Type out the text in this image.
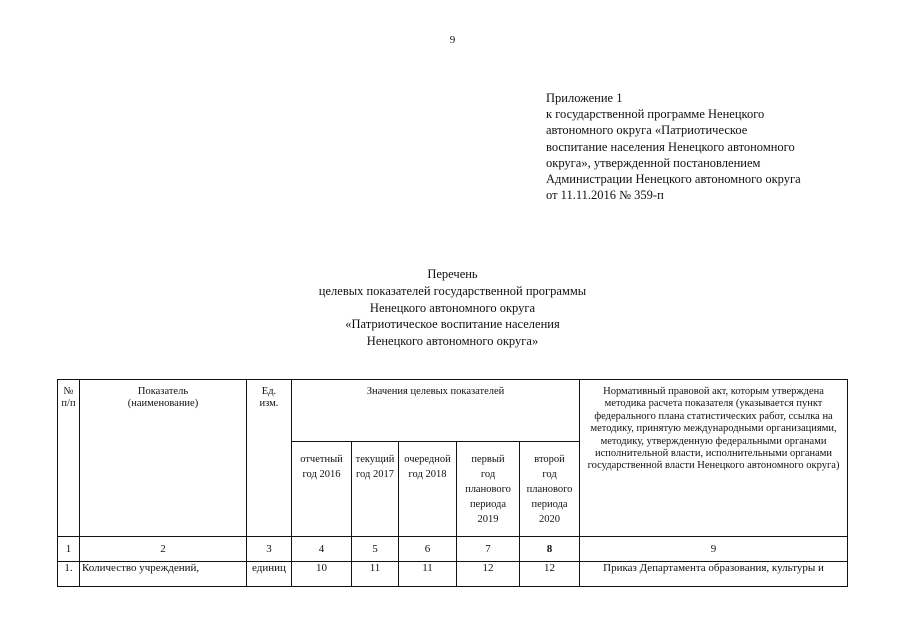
9
Приложение 1
к государственной программе Ненецкого
автономного округа «Патриотическое
воспитание населения Ненецкого автономного
округа», утвержденной постановлением
Администрации Ненецкого автономного округа
от 11.11.2016 № 359-п
Перечень
целевых показателей государственной программы
Ненецкого автономного округа
«Патриотическое воспитание населения
Ненецкого автономного округа»
№ п/п	Показатель (наименование)	Ед. изм.	Значения целевых показателей					Нормативный правовой акт, которым утверждена методика расчета показателя (указывается пункт федерального плана статистических работ, ссылка на методику, принятую международными организациями, методику, утвержденную федеральными органами исполнительной власти, исполнительными органами государственной власти Ненецкого автономного округа)
			отчетный год 2016	текущий год 2017	очередной год 2018	первый год планового периода 2019	второй год планового периода 2020	
1	2	3	4	5	6	7	8	9
1.	Количество учреждений,	единиц	10	11	11	12	12	Приказ Департамента образования, культуры и
